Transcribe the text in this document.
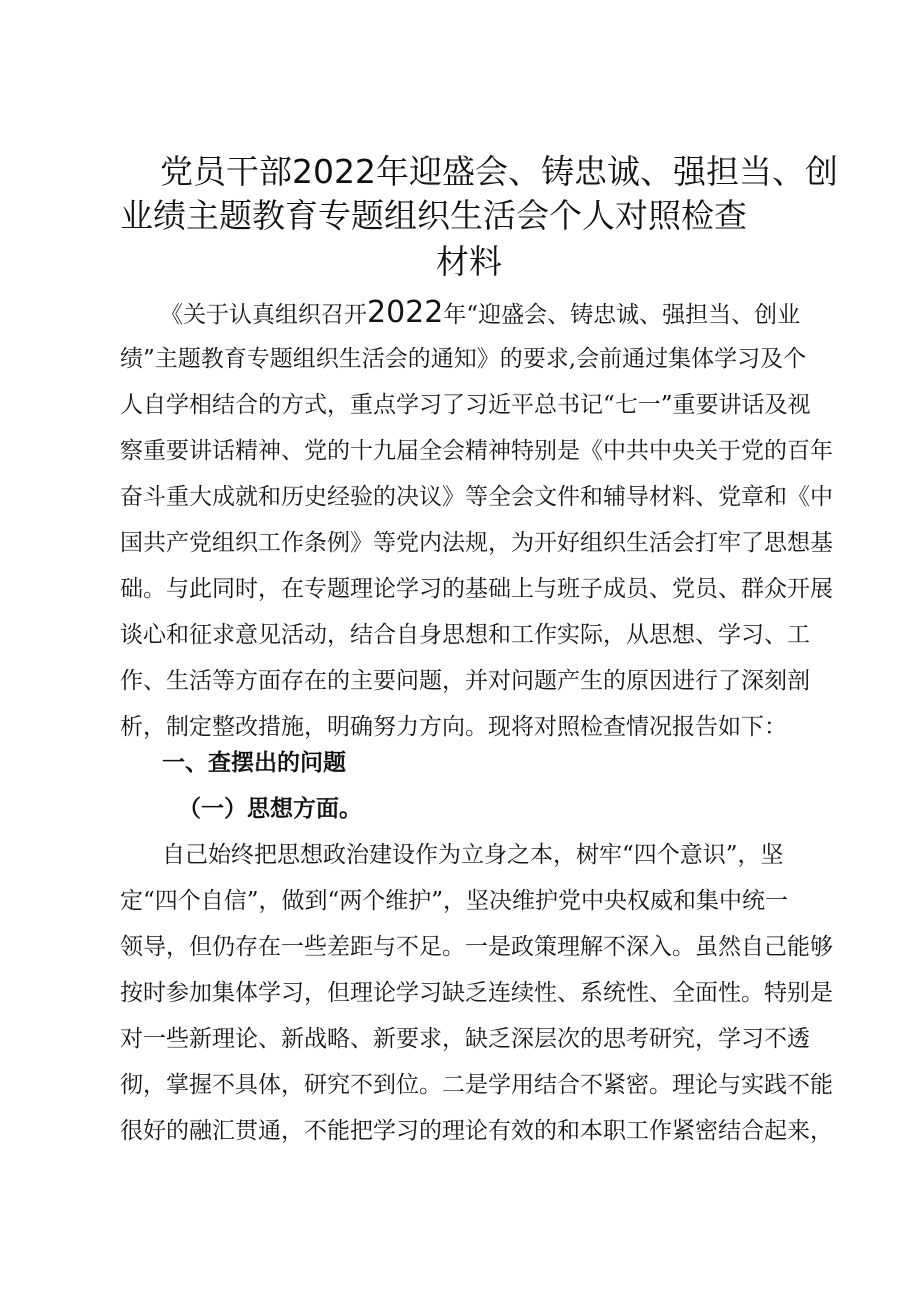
党员干部2022年迎盛会、铸忠诚、强担当、创
业绩主题教育专题组织生活会个人对照检查
材料
《关于认真组织召开2022年“迎盛会、铸忠诚、强担当、创业
绩”主题教育专题组织生活会的通知》的要求,会前通过集体学习及个
人自学相结合的方式，重点学习了习近平总书记“七一”重要讲话及视
察重要讲话精神、党的十九届全会精神特别是《中共中央关于党的百年
奋斗重大成就和历史经验的决议》等全会文件和辅导材料、党章和《中
国共产党组织工作条例》等党内法规，为开好组织生活会打牢了思想基
础。与此同时，在专题理论学习的基础上与班子成员、党员、群众开展
谈心和征求意见活动，结合自身思想和工作实际，从思想、学习、工
作、生活等方面存在的主要问题，并对问题产生的原因进行了深刻剖
析，制定整改措施，明确努力方向。现将对照检查情况报告如下：
一、查摆出的问题
（一）思想方面。
自己始终把思想政治建设作为立身之本，树牢“四个意识”，坚
定“四个自信”，做到“两个维护”，坚决维护党中央权威和集中统一
领导，但仍存在一些差距与不足。一是政策理解不深入。虽然自己能够
按时参加集体学习，但理论学习缺乏连续性、系统性、全面性。特别是
对一些新理论、新战略、新要求，缺乏深层次的思考研究，学习不透
彻，掌握不具体，研究不到位。二是学用结合不紧密。理论与实践不能
很好的融汇贯通，不能把学习的理论有效的和本职工作紧密结合起来，
